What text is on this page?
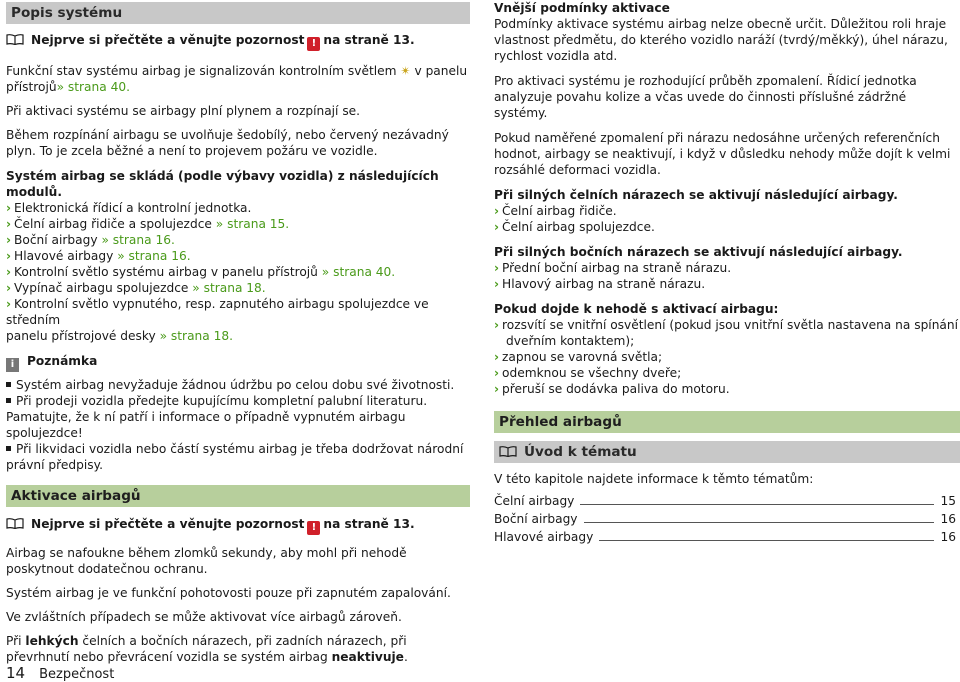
Popis systému

Nejprve si přečtěte a věnujte pozornost ! na straně 13.

Funkční stav systému airbag je signalizován kontrolním světlem ✴ v panelu
přístrojů» strana 40.

Při aktivaci systému se airbagy plní plynem a rozpínají se.

Během rozpínání airbagu se uvolňuje šedobílý, nebo červený nezávadný plyn. To je zcela běžné a není to projevem požáru ve vozidle.

Systém airbag se skládá (podle výbavy vozidla) z následujících modulů.

› Elektronická řídicí a kontrolní jednotka.

› Čelní airbag řidiče a spolujezdce » strana 15.

› Boční airbagy » strana 16.

› Hlavové airbagy » strana 16.

› Kontrolní světlo systému airbag v panelu přístrojů » strana 40.

› Vypínač airbagu spolujezdce » strana 18.

› Kontrolní světlo vypnutého, resp. zapnutého airbagu spolujezdce ve středním
panelu přístrojové desky » strana 18.

i Poznámka

Systém airbag nevyžaduje žádnou údržbu po celou dobu své životnosti.

Při prodeji vozidla předejte kupujícímu kompletní palubní literaturu. Pamatujte, že k ní patří i informace o případně vypnutém airbagu spolujezdce!

Při likvidaci vozidla nebo částí systému airbag je třeba dodržovat národní právní předpisy.

Aktivace airbagů

Nejprve si přečtěte a věnujte pozornost ! na straně 13.

Airbag se nafoukne během zlomků sekundy, aby mohl při nehodě poskytnout dodatečnou ochranu.

Systém airbag je ve funkční pohotovosti pouze při zapnutém zapalování.

Ve zvláštních případech se může aktivovat více airbagů zároveň.

Při lehkých čelních a bočních nárazech, při zadních nárazech, při převrhnutí nebo převrácení vozidla se systém airbag neaktivuje.

Vnější podmínky aktivace

Podmínky aktivace systému airbag nelze obecně určit. Důležitou roli hraje vlastnost předmětu, do kterého vozidlo naráží (tvrdý/měkký), úhel nárazu, rychlost vozidla atd.

Pro aktivaci systému je rozhodující průběh zpomalení. Řídicí jednotka analyzuje povahu kolize a včas uvede do činnosti příslušné zádržné systémy.

Pokud naměřené zpomalení při nárazu nedosáhne určených referenčních hodnot, airbagy se neaktivují, i když v důsledku nehody může dojít k velmi rozsáhlé deformaci vozidla.

Při silných čelních nárazech se aktivují následující airbagy.

› Čelní airbag řidiče.

› Čelní airbag spolujezdce.

Při silných bočních nárazech se aktivují následující airbagy.

› Přední boční airbag na straně nárazu.

› Hlavový airbag na straně nárazu.

Pokud dojde k nehodě s aktivací airbagu:

› rozsvítí se vnitřní osvětlení (pokud jsou vnitřní světla nastavena na spínání dveřním kontaktem);

› zapnou se varovná světla;

› odemknou se všechny dveře;

› přeruší se dodávka paliva do motoru.

Přehled airbagů
Úvod k tématu

V této kapitole najdete informace k těmto tématům:

Čelní airbagy	15
Boční airbagy	16
Hlavové airbagy	16
14 Bezpečnost
